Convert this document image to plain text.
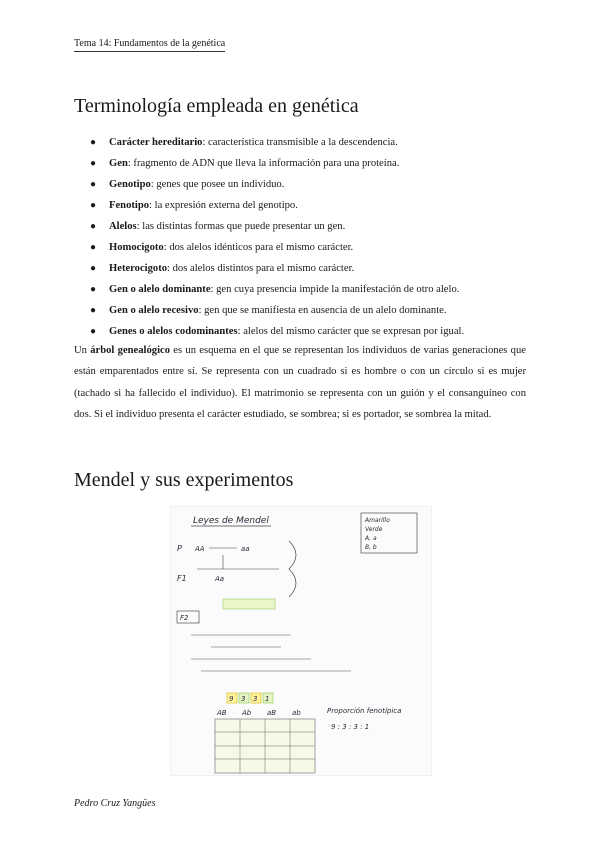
Tema 14: Fundamentos de la genética
Terminología empleada en genética
● Carácter hereditario: característica transmisible a la descendencia.
● Gen: fragmento de ADN que lleva la información para una proteína.
● Genotipo: genes que posee un individuo.
● Fenotipo: la expresión externa del genotipo.
● Alelos: las distintas formas que puede presentar un gen.
● Homocigoto: dos alelos idénticos para el mismo carácter.
● Heterocigoto: dos alelos distintos para el mismo carácter.
● Gen o alelo dominante: gen cuya presencia impide la manifestación de otro alelo.
● Gen o alelo recesivo: gen que se manifiesta en ausencia de un alelo dominante.
● Genes o alelos codominantes: alelos del mismo carácter que se expresan por igual.

Un árbol genealógico es un esquema en el que se representan los individuos de varias generaciones que están emparentados entre sí. Se representa con un cuadrado si es hombre o con un círculo si es mujer (tachado si ha fallecido el individuo). El matrimonio se representa con un guión y el consanguíneo con dos. Si el individuo presenta el carácter estudiado, se sombrea; si es portador, se sombrea la mitad.

Mendel y sus experimentos
Leyes de Mendel	Amarillo
Verde
A, a
B, b
P AA	aa
F1	Aa
F2
9 3 3 1
AB Ab aB ab	Proporción fenotípica
9 : 3 : 3 : 1
Pedro Cruz Yangües
